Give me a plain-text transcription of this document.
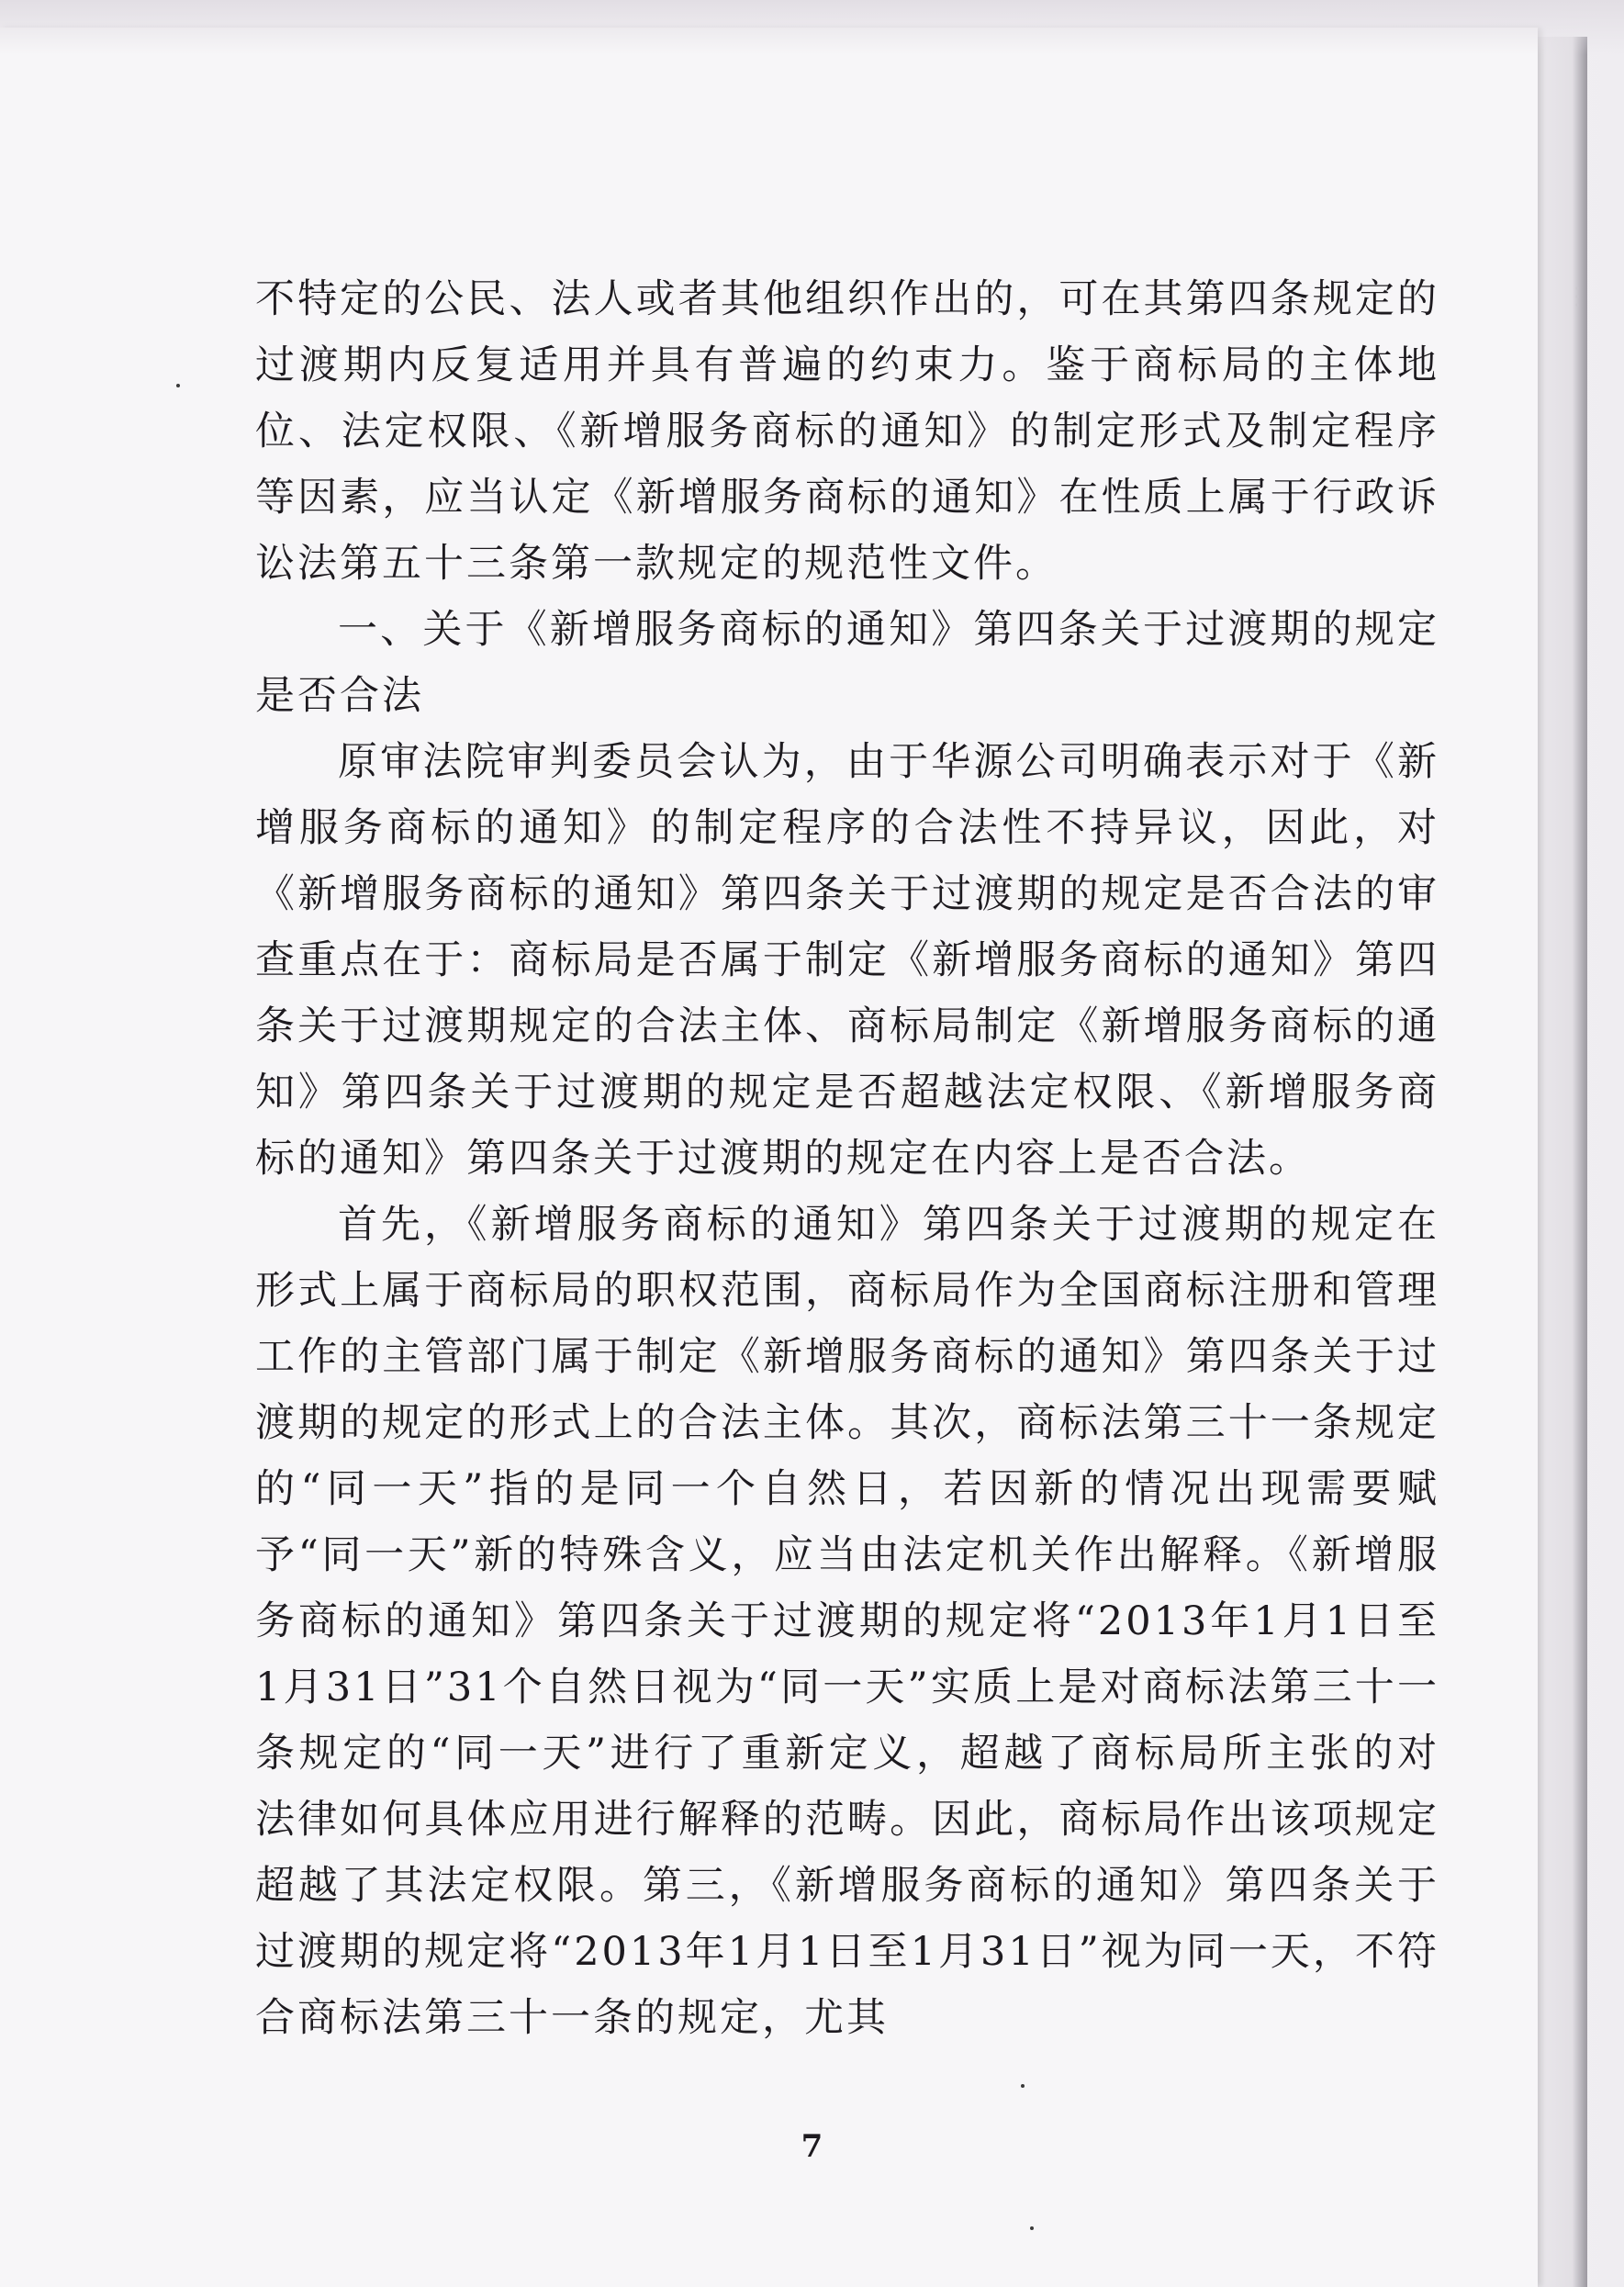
⋮

不特定的公民、法人或者其他组织作出的，可在其第四条规定的过渡期内反复适用并具有普遍的约束力。鉴于商标局的主体地位、法定权限、《新增服务商标的通知》的制定形式及制定程序等因素，应当认定《新增服务商标的通知》在性质上属于行政诉讼法第五十三条第一款规定的规范性文件。

一、关于《新增服务商标的通知》第四条关于过渡期的规定是否合法

原审法院审判委员会认为，由于华源公司明确表示对于《新增服务商标的通知》的制定程序的合法性不持异议，因此，对《新增服务商标的通知》第四条关于过渡期的规定是否合法的审查重点在于：商标局是否属于制定《新增服务商标的通知》第四条关于过渡期规定的合法主体、商标局制定《新增服务商标的通知》第四条关于过渡期的规定是否超越法定权限、《新增服务商标的通知》第四条关于过渡期的规定在内容上是否合法。

首先，《新增服务商标的通知》第四条关于过渡期的规定在形式上属于商标局的职权范围，商标局作为全国商标注册和管理工作的主管部门属于制定《新增服务商标的通知》第四条关于过渡期的规定的形式上的合法主体。其次，商标法第三十一条规定的“同一天”指的是同一个自然日，若因新的情况出现需要赋予“同一天”新的特殊含义，应当由法定机关作出解释。《新增服务商标的通知》第四条关于过渡期的规定将“2013年1月1日至1月31日”31个自然日视为“同一天”实质上是对商标法第三十一条规定的“同一天”进行了重新定义，超越了商标局所主张的对法律如何具体应用进行解释的范畴。因此，商标局作出该项规定超越了其法定权限。第三，《新增服务商标的通知》第四条关于过渡期的规定将“2013年1月1日至1月31日”视为同一天，不符合商标法第三十一条的规定，尤其

7
